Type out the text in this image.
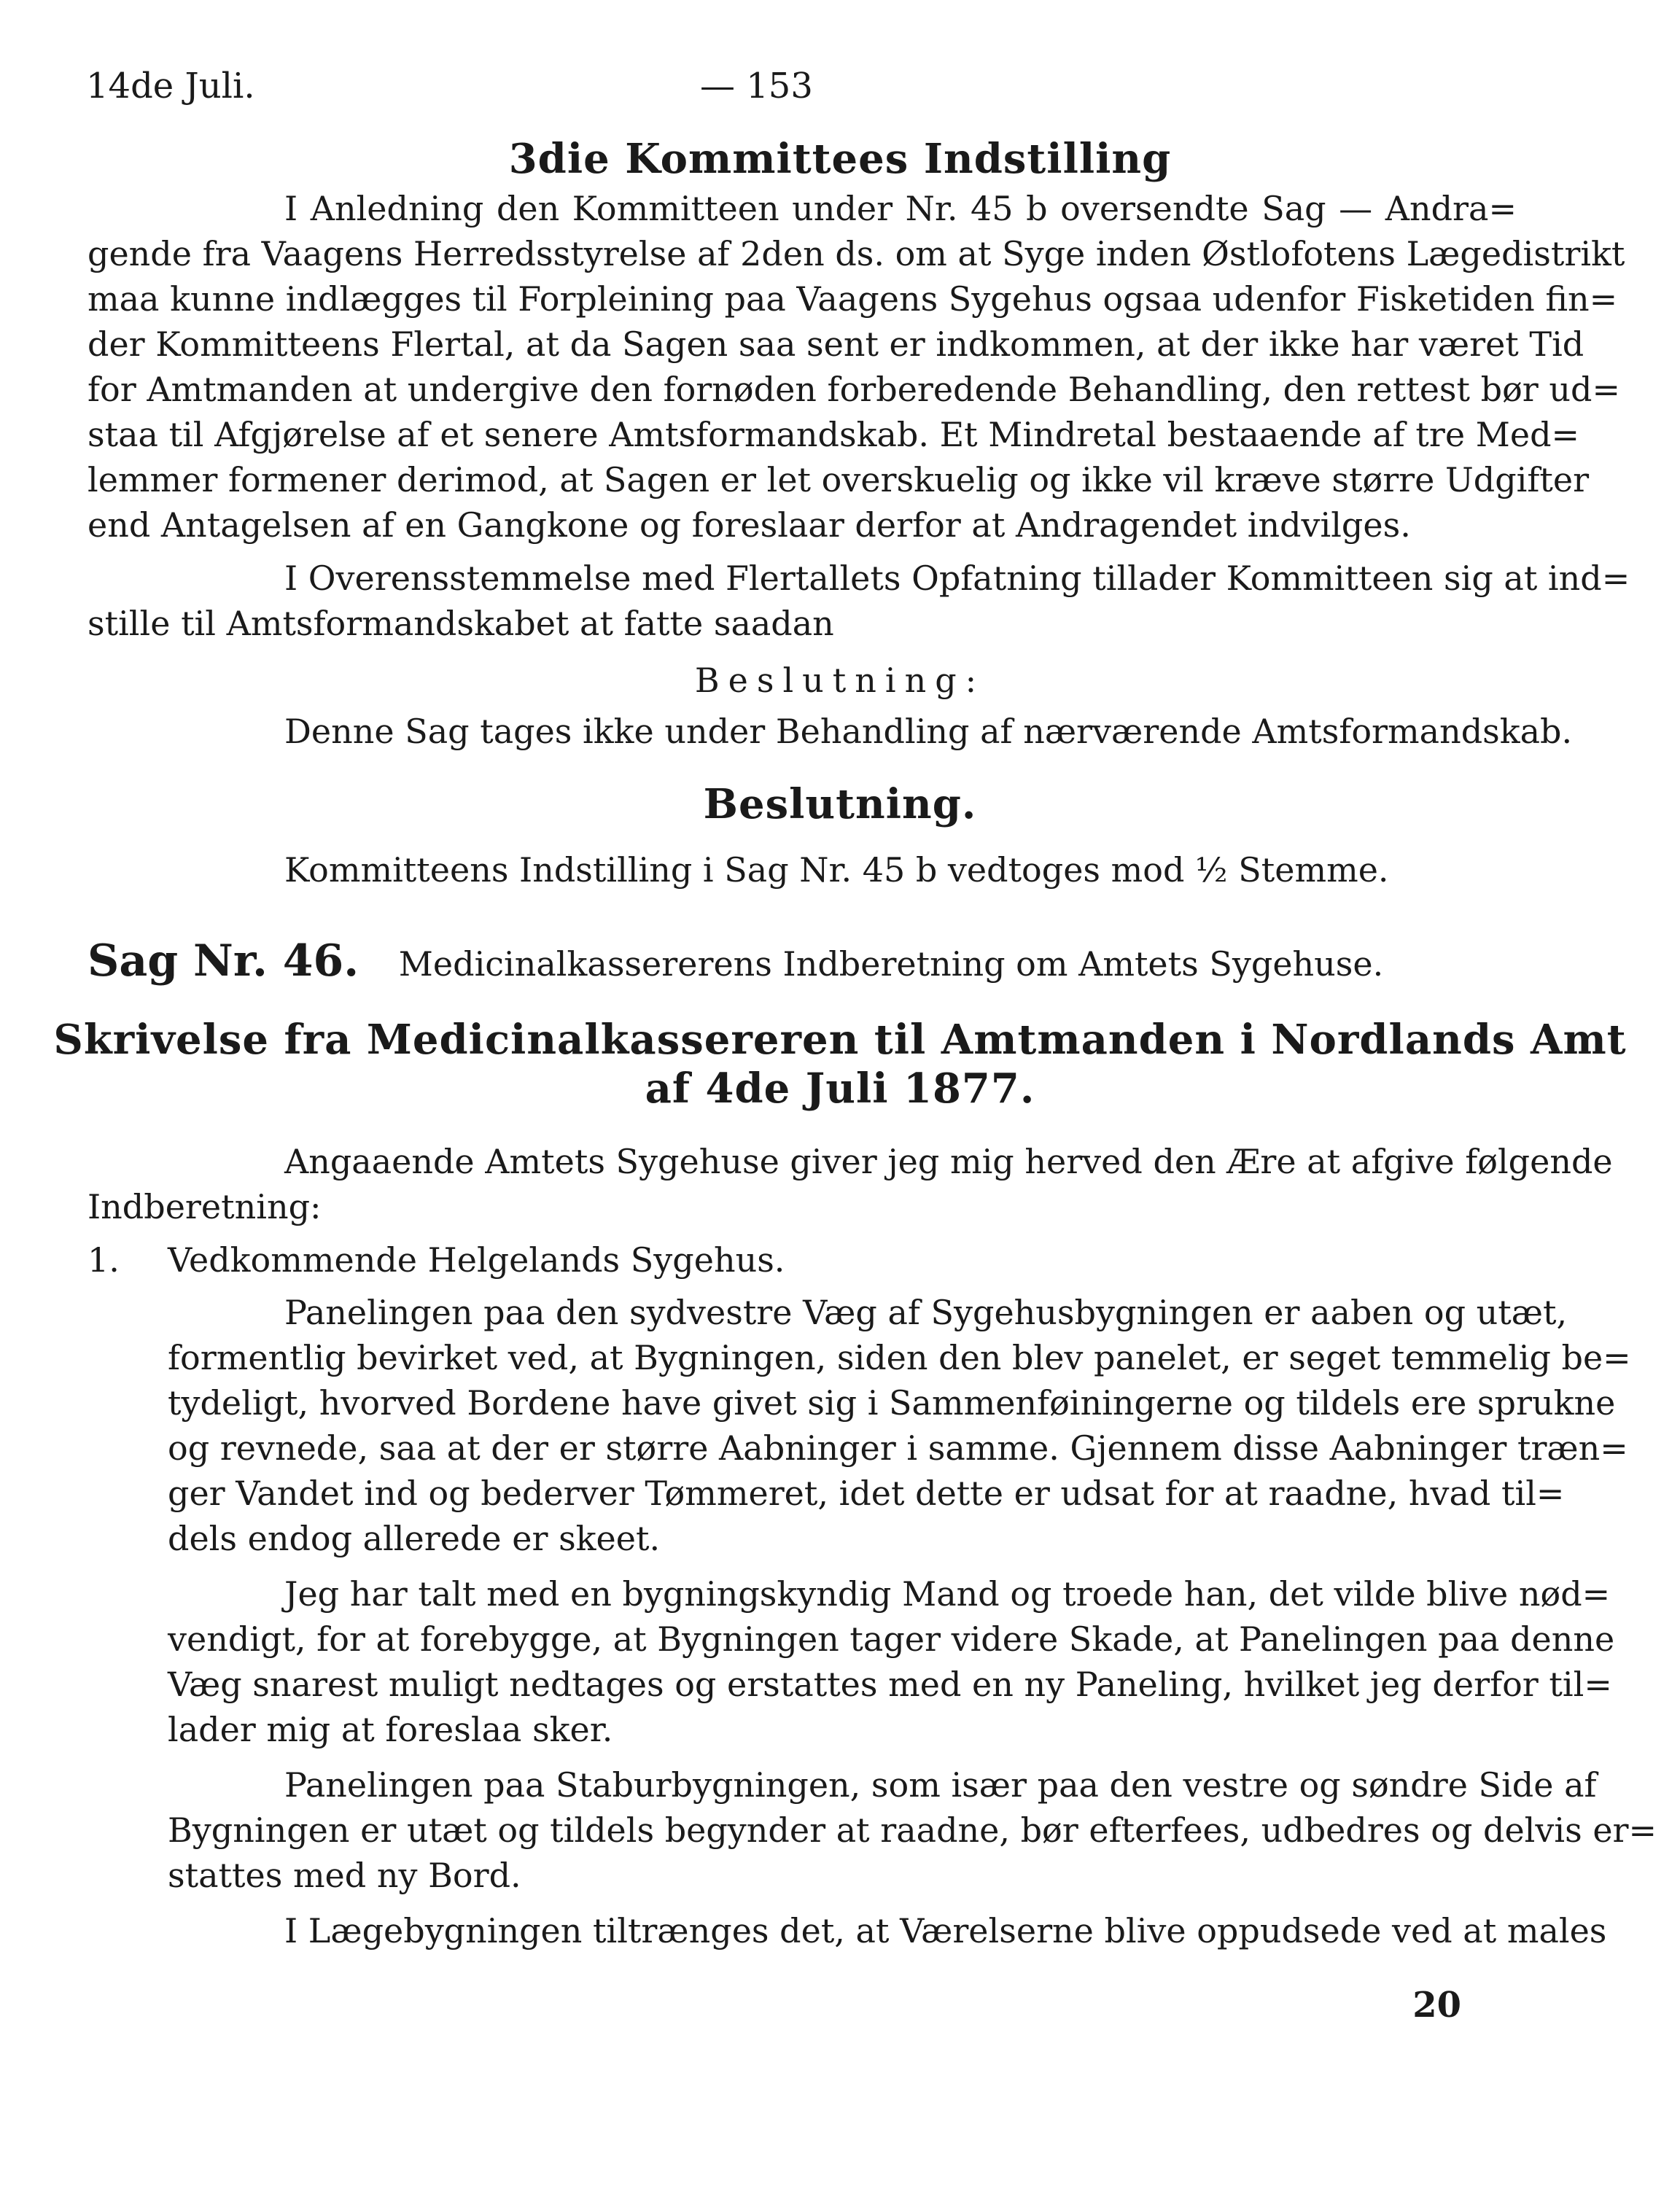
14de Juli.	— 153
3die Kommittees Indstilling
I Anledning den Kommitteen under Nr. 45 b oversendte Sag — Andra=
gende fra Vaagens Herredsstyrelse af 2den ds. om at Syge inden Østlofotens Lægedistrikt
maa kunne indlægges til Forpleining paa Vaagens Sygehus ogsaa udenfor Fisketiden fin=
der Kommitteens Flertal, at da Sagen saa sent er indkommen, at der ikke har været Tid
for Amtmanden at undergive den fornøden forberedende Behandling, den rettest bør ud=
staa til Afgjørelse af et senere Amtsformandskab. Et Mindretal bestaaende af tre Med=
lemmer formener derimod, at Sagen er let overskuelig og ikke vil kræve større Udgifter
end Antagelsen af en Gangkone og foreslaar derfor at Andragendet indvilges.
I Overensstemmelse med Flertallets Opfatning tillader Kommitteen sig at ind=
stille til Amtsformandskabet at fatte saadan
Beslutning:
Denne Sag tages ikke under Behandling af nærværende Amtsformandskab.
Beslutning.
Kommitteens Indstilling i Sag Nr. 45 b vedtoges mod ½ Stemme.
Sag Nr. 46. Medicinalkassererens Indberetning om Amtets Sygehuse.
Skrivelse fra Medicinalkassereren til Amtmanden i Nordlands Amt
af 4de Juli 1877.
Angaaende Amtets Sygehuse giver jeg mig herved den Ære at afgive følgende
Indberetning:
1. Vedkommende Helgelands Sygehus.
Panelingen paa den sydvestre Væg af Sygehusbygningen er aaben og utæt,
formentlig bevirket ved, at Bygningen, siden den blev panelet, er seget temmelig be=
tydeligt, hvorved Bordene have givet sig i Sammenføiningerne og tildels ere sprukne
og revnede, saa at der er større Aabninger i samme. Gjennem disse Aabninger træn=
ger Vandet ind og bederver Tømmeret, idet dette er udsat for at raadne, hvad til=
dels endog allerede er skeet.
Jeg har talt med en bygningskyndig Mand og troede han, det vilde blive nød=
vendigt, for at forebygge, at Bygningen tager videre Skade, at Panelingen paa denne
Væg snarest muligt nedtages og erstattes med en ny Paneling, hvilket jeg derfor til=
lader mig at foreslaa sker.
Panelingen paa Staburbygningen, som især paa den vestre og søndre Side af
Bygningen er utæt og tildels begynder at raadne, bør efterfees, udbedres og delvis er=
stattes med ny Bord.
I Lægebygningen tiltrænges det, at Værelserne blive oppudsede ved at males
20
